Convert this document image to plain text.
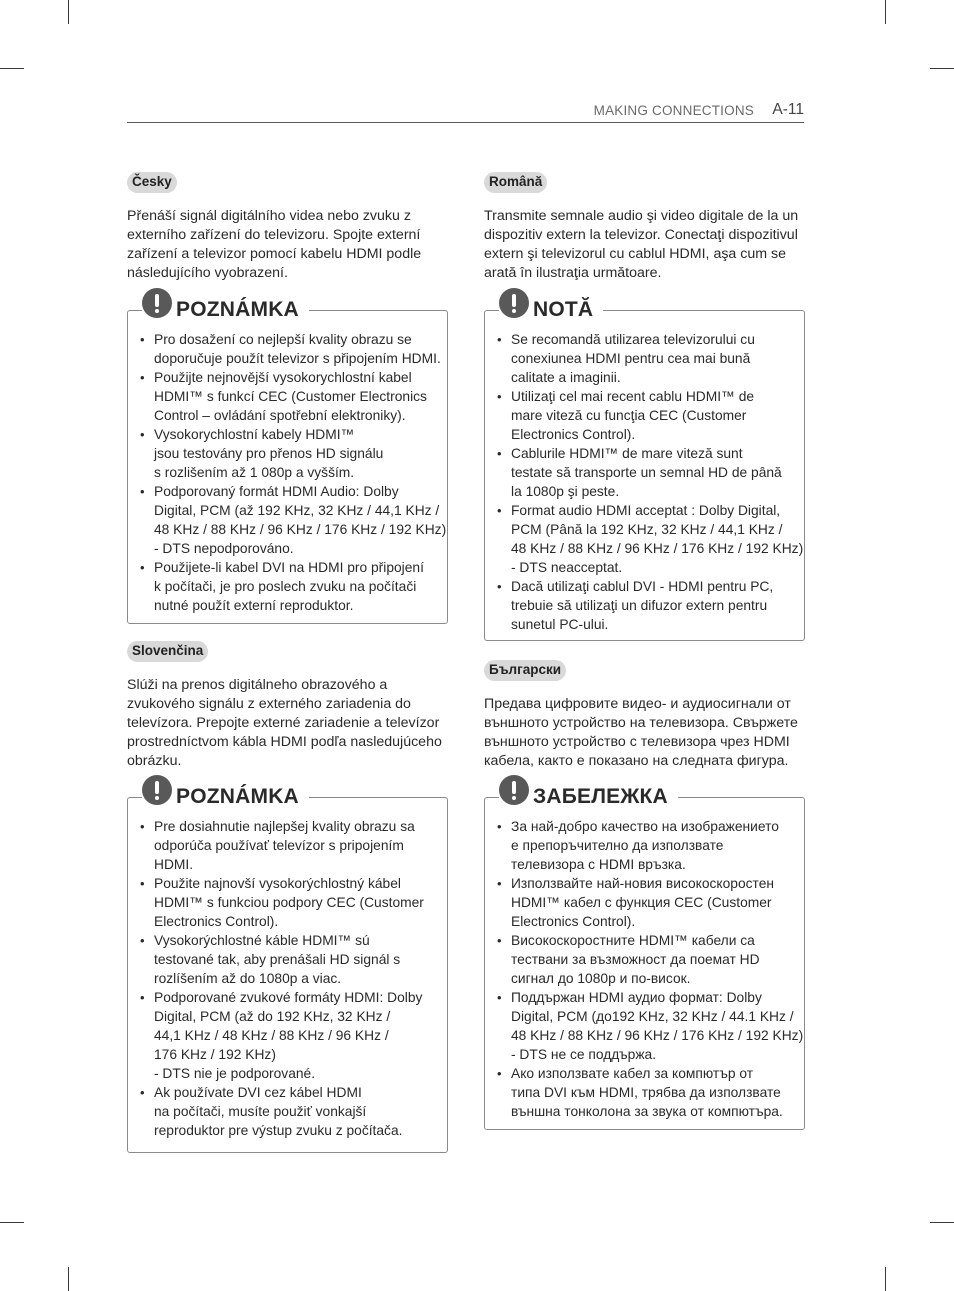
MAKING CONNECTIONS A-11
Česky

Přenáší signál digitálního videa nebo zvuku z externího zařízení do televizoru. Spojte externí zařízení a televizor pomocí kabelu HDMI podle následujícího vyobrazení.

POZNÁMKA
• Pro dosažení co nejlepší kvality obrazu se
doporučuje použít televizor s připojením HDMI.
• Použijte nejnovější vysokorychlostní kabel
HDMI™ s funkcí CEC (Customer Electronics
Control – ovládání spotřební elektroniky).
• Vysokorychlostní kabely HDMI™
jsou testovány pro přenos HD signálu
s rozlišením až 1 080p a vyšším.
• Podporovaný formát HDMI Audio: Dolby
Digital, PCM (až 192 KHz, 32 KHz / 44,1 KHz /
48 KHz / 88 KHz / 96 KHz / 176 KHz / 192 KHz)
- DTS nepodporováno.
• Použijete-li kabel DVI na HDMI pro připojení
k počítači, je pro poslech zvuku na počítači
nutné použít externí reproduktor.
Slovenčina

Slúži na prenos digitálneho obrazového a zvukového signálu z externého zariadenia do televízora. Prepojte externé zariadenie a televízor prostredníctvom kábla HDMI podľa nasledujúceho obrázku.

POZNÁMKA
• Pre dosiahnutie najlepšej kvality obrazu sa
odporúča používať televízor s pripojením
HDMI.
• Použite najnovší vysokorýchlostný kábel
HDMI™ s funkciou podpory CEC (Customer
Electronics Control).
• Vysokorýchlostné káble HDMI™ sú
testované tak, aby prenášali HD signál s
rozlíšením až do 1080p a viac.
• Podporované zvukové formáty HDMI: Dolby
Digital, PCM (až do 192 KHz, 32 KHz /
44,1 KHz / 48 KHz / 88 KHz / 96 KHz /
176 KHz / 192 KHz)
- DTS nie je podporované.
• Ak používate DVI cez kábel HDMI
na počítači, musíte použiť vonkajší
reproduktor pre výstup zvuku z počítača.
Română

Transmite semnale audio şi video digitale de la un dispozitiv extern la televizor. Conectaţi dispozitivul extern şi televizorul cu cablul HDMI, aşa cum se arată în ilustraţia următoare.

NOTĂ
• Se recomandă utilizarea televizorului cu
conexiunea HDMI pentru cea mai bună
calitate a imaginii.
• Utilizaţi cel mai recent cablu HDMI™ de
mare viteză cu funcţia CEC (Customer
Electronics Control).
• Cablurile HDMI™ de mare viteză sunt
testate să transporte un semnal HD de până
la 1080p şi peste.
• Format audio HDMI acceptat : Dolby Digital,
PCM (Până la 192 KHz, 32 KHz / 44,1 KHz /
48 KHz / 88 KHz / 96 KHz / 176 KHz / 192 KHz)
- DTS neacceptat.
• Dacă utilizaţi cablul DVI - HDMI pentru PC,
trebuie să utilizaţi un difuzor extern pentru
sunetul PC-ului.
Български

Предава цифровите видео- и аудиосигнали от външното устройство на телевизора. Свържете външното устройство с телевизора чрез HDMI кабела, както е показано на следната фигура.

ЗАБЕЛЕЖКА
• За най-добро качество на изображението
е препоръчително да използвате
телевизора с HDMI връзка.
• Използвайте най-новия високоскоростен
HDMI™ кабел с функция CEC (Customer
Electronics Control).
• Високоскоростните HDMI™ кабели са
тествани за възможност да поемат HD
сигнал до 1080p и по-висок.
• Поддържан HDMI аудио формат: Dolby
Digital, PCM (до192 KHz, 32 KHz / 44.1 KHz /
48 KHz / 88 KHz / 96 KHz / 176 KHz / 192 KHz)
- DTS не се поддържа.
• Ако използвате кабел за компютър от
типа DVI към HDMI, трябва да използвате
външна тонколона за звука от компютъра.
